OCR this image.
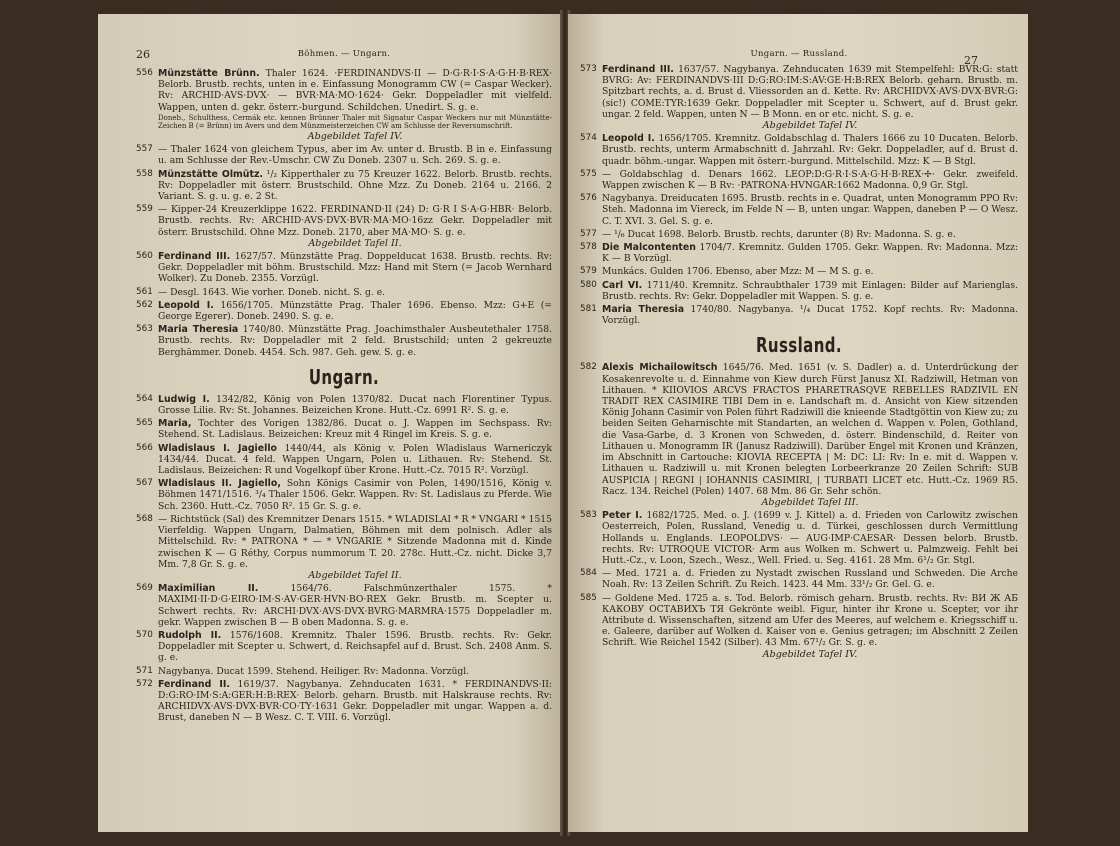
26	Böhmen. — Ungarn.
556 Münzstätte Brünn. Thaler 1624. ·FERDINANDVS·II — D·G·R·I·S·A·G·H·B·REX· Belorb. Brustb. rechts, unten in e. Einfassung Monogramm CW (= Caspar Wecker). Rv: ARCHID·AVS·DVX· — BVR·MA·MO·1624· Gekr. Doppeladler mit vielfeld. Wappen, unten d. gekr. österr.-burgund. Schildchen. Unedirt. S. g. e.
Doneb., Schulthess, Cermák etc. kennen Brünner Thaler mit Signatur Caspar Weckers nur mit Münzstätte-Zeichen B (= Brünn) im Avers und dem Münzmeisterzeichen CW am Schlusse der Reversumschrift.
Abgebildet Tafel IV.
557 — Thaler 1624 von gleichem Typus, aber im Av. unter d. Brustb. B in e. Einfassung u. am Schlusse der Rev.-Umschr. CW Zu Doneb. 2307 u. Sch. 269. S. g. e.
558 Münzstätte Olmütz. ¹/₂ Kipperthaler zu 75 Kreuzer 1622. Belorb. Brustb. rechts. Rv: Doppeladler mit österr. Brustschild. Ohne Mzz. Zu Doneb. 2164 u. 2166. 2 Variant. S. g. u. g. e. 2 St.
559 — Kipper-24 Kreuzerklippe 1622. FERDINAND·II (24) D: G·R I S·A·G·HBR· Belorb. Brustb. rechts. Rv: ARCHID·AVS·DVX·BVR·MA·MO·16zz Gekr. Doppeladler mit österr. Brustschild. Ohne Mzz. Doneb. 2170, aber MA·MO· S. g. e.
Abgebildet Tafel II.
560 Ferdinand III. 1627/57. Münzstätte Prag. Doppelducat 1638. Brustb. rechts. Rv: Gekr. Doppeladler mit böhm. Brustschild. Mzz: Hand mit Stern (= Jacob Wernhard Wolker). Zu Doneb. 2355. Vorzügl.
561 — Desgl. 1643. Wie vorher. Doneb. nicht. S. g. e.
562 Leopold I. 1656/1705. Münzstätte Prag. Thaler 1696. Ebenso. Mzz: G+E (= George Egerer). Doneb. 2490. S. g. e.
563 Maria Theresia 1740/80. Münzstätte Prag. Joachimsthaler Ausbeutethaler 1758. Brustb. rechts. Rv: Doppeladler mit 2 feld. Brustschild; unten 2 gekreuzte Berghämmer. Doneb. 4454. Sch. 987. Geh. gew. S. g. e.
Ungarn.
564 Ludwig I. 1342/82, König von Polen 1370/82. Ducat nach Florentiner Typus. Grosse Lilie. Rv: St. Johannes. Beizeichen Krone. Hutt.-Cz. 6991 R². S. g. e.
565 Maria, Tochter des Vorigen 1382/86. Ducat o. J. Wappen im Sechspass. Rv: Stehend. St. Ladislaus. Beizeichen: Kreuz mit 4 Ringel im Kreis. S. g. e.
566 Wladislaus I. Jagiello 1440/44, als König v. Polen Wladislaus Warnericzyk 1434/44. Ducat. 4 feld. Wappen Ungarn, Polen u. Lithauen. Rv: Stehend. St. Ladislaus. Beizeichen: R und Vogelkopf über Krone. Hutt.-Cz. 7015 R². Vorzügl.
567 Wladislaus II. Jagiello, Sohn Königs Casimir von Polen, 1490/1516, König v. Böhmen 1471/1516. ³/₄ Thaler 1506. Gekr. Wappen. Rv: St. Ladislaus zu Pferde. Wie Sch. 2360. Hutt.-Cz. 7050 R². 15 Gr. S. g. e.
568 — Richtstück (Sal) des Kremnitzer Denars 1515. * WLADISLAI * R * VNGARI * 1515 Vierfeldig. Wappen Ungarn, Dalmatien, Böhmen mit dem polnisch. Adler als Mittelschild. Rv: * PATRONA * — * VNGARIE * Sitzende Madonna mit d. Kinde zwischen K — G Réthy, Corpus nummorum T. 20. 278c. Hutt.-Cz. nicht. Dicke 3,7 Mm. 7,8 Gr. S. g. e.
Abgebildet Tafel II.
569 Maximilian II.	1564/76. Falschmünzerthaler 1575. * MAXIMI·II·D·G·EIRO·IM·S·AV·GER·HVN·BO·REX Gekr. Brustb. m. Scepter u. Schwert rechts. Rv: ARCHI·DVX·AVS·DVX·BVRG·MARMRA·1575 Doppeladler m. gekr. Wappen zwischen B — B oben Madonna. S. g. e.
570 Rudolph II. 1576/1608. Kremnitz. Thaler 1596. Brustb. rechts. Rv: Gekr. Doppeladler mit Scepter u. Schwert, d. Reichsapfel auf d. Brust. Sch. 2408 Anm. S. g. e.
571 Nagybanya. Ducat 1599. Stehend. Heiliger. Rv: Madonna. Vorzügl.
572 Ferdinand II. 1619/37. Nagybanya. Zehnducaten 1631. * FERDINANDVS·II: D:G:RO·IM·S:A:GER:H:B:REX· Belorb. geharn. Brustb. mit Halskrause rechts. Rv: ARCHIDVX·AVS·DVX·BVR·CO·TY·1631 Gekr. Doppeladler mit ungar. Wappen a. d. Brust, daneben N — B Wesz. C. T. VIII. 6. Vorzügl.
Ungarn. — Russland.	27
573 Ferdinand III. 1637/57. Nagybanya. Zehnducaten 1639 mit Stempelfehl: BVR:G: statt BVRG: Av: FERDINANDVS·III D:G:RO:IM:S:AV:GE·H:B:REX Belorb. geharn. Brustb. m. Spitzbart rechts, a. d. Brust d. Vliessorden an d. Kette. Rv: ARCHIDVX·AVS·DVX·BVR:G: (sic!) COME:TYR:1639 Gekr. Doppeladler mit Scepter u. Schwert, auf d. Brust gekr. ungar. 2 feld. Wappen, unten N — B Monn. en or etc. nicht. S. g. e.
Abgebildet Tafel IV.
574 Leopold I. 1656/1705. Kremnitz. Goldabschlag d. Thalers 1666 zu 10 Ducaten. Belorb. Brustb. rechts, unterm Armabschnitt d. Jahrzahl. Rv: Gekr. Doppeladler, auf d. Brust d. quadr. böhm.-ungar. Wappen mit österr.-burgund. Mittelschild. Mzz: K — B Stgl.
575 — Goldabschlag d. Denars 1662. LEOP:D:G·R·I·S·A·G·H·B·REX·✢· Gekr. zweifeld. Wappen zwischen K — B Rv: ·PATRONA·HVNGAR:1662 Madonna. 0,9 Gr. Stgl.
576 Nagybanya. Dreiducaten 1695. Brustb. rechts in e. Quadrat, unten Monogramm PPO Rv: Steh. Madonna im Viereck, im Felde N — B, unten ungar. Wappen, daneben P — O Wesz. C. T. XVI. 3. Gel. S. g. e.
577 — ¹/₆ Ducat 1698. Belorb. Brustb. rechts, darunter (8) Rv: Madonna. S. g. e.
578 Die Malcontenten 1704/7. Kremnitz. Gulden 1705. Gekr. Wappen. Rv: Madonna. Mzz: K — B Vorzügl.
579 Munkács. Gulden 1706. Ebenso, aber Mzz: M — M S. g. e.
580 Carl VI. 1711/40. Kremnitz. Schraubthaler 1739 mit Einlagen: Bilder auf Marienglas. Brustb. rechts. Rv: Gekr. Doppeladler mit Wappen. S. g. e.
581 Maria Theresia 1740/80. Nagybanya. ¹/₄ Ducat 1752. Kopf rechts. Rv: Madonna. Vorzügl.
Russland.
582 Alexis Michailowitsch 1645/76. Med. 1651 (v. S. Dadler) a. d. Unterdrückung der Kosakenrevolte u. d. Einnahme von Kiew durch Fürst Janusz XI. Radziwill, Hetman von Lithauen. * KIIOVIOS ARCVS FRACTOS PHARETRASQVE REBELLES RADZIVIL EN TRADIT REX CASIMIRE TIBI Dem in e. Landschaft m. d. Ansicht von Kiew sitzenden König Johann Casimir von Polen führt Radziwill die knieende Stadtgöttin von Kiew zu; zu beiden Seiten Geharnischte mit Standarten, an welchen d. Wappen v. Polen, Gothland, die Vasa-Garbe, d. 3 Kronen von Schweden, d. österr. Bindenschild, d. Reiter von Lithauen u. Monogramm IR (Janusz Radziwill). Darüber Engel mit Kronen und Kränzen, im Abschnitt in Cartouche: KIOVIA RECEPTA | M: DC: LI: Rv: In e. mit d. Wappen v. Lithauen u. Radziwill u. mit Kronen belegten Lorbeerkranze 20 Zeilen Schrift: SUB AUSPICIA | REGNI | IOHANNIS CASIMIRI, | TURBATI LICET etc. Hutt.-Cz. 1969 R5. Racz. 134. Reichel (Polen) 1407. 68 Mm. 86 Gr. Sehr schön.
Abgebildet Tafel III.
583 Peter I. 1682/1725. Med. o. J. (1699 v. J. Kittel) a. d. Frieden von Carlowitz zwischen Oesterreich, Polen, Russland, Venedig u. d. Türkei, geschlossen durch Vermittlung Hollands u. Englands. LEOPOLDVS· — AUG·IMP·CAESAR· Dessen belorb. Brustb. rechts. Rv: UTROQUE VICTOR· Arm aus Wolken m. Schwert u. Palmzweig. Fehlt bei Hutt.-Cz., v. Loon, Szech., Wesz., Well. Fried. u. Seg. 4161. 28 Mm. 6¹/₂ Gr. Stgl.
584 — Med. 1721 a. d. Frieden zu Nystadt zwischen Russland und Schweden. Die Arche Noah. Rv: 13 Zeilen Schrift. Zu Reich. 1423. 44 Mm. 33¹/₂ Gr. Gel. G. e.
585 — Goldene Med. 1725 a. s. Tod. Belorb. römisch geharn. Brustb. rechts. Rv: ВИ Ж АБ КАКОВУ ОСТАВИХЪ ТЯ Gekrönte weibl. Figur, hinter ihr Krone u. Scepter, vor ihr Attribute d. Wissenschaften, sitzend am Ufer des Meeres, auf welchem e. Kriegsschiff u. e. Galeere, darüber auf Wolken d. Kaiser von e. Genius getragen; im Abschnitt 2 Zeilen Schrift. Wie Reichel 1542 (Silber). 43 Mm. 67¹/₂ Gr. S. g. e.
Abgebildet Tafel IV.
